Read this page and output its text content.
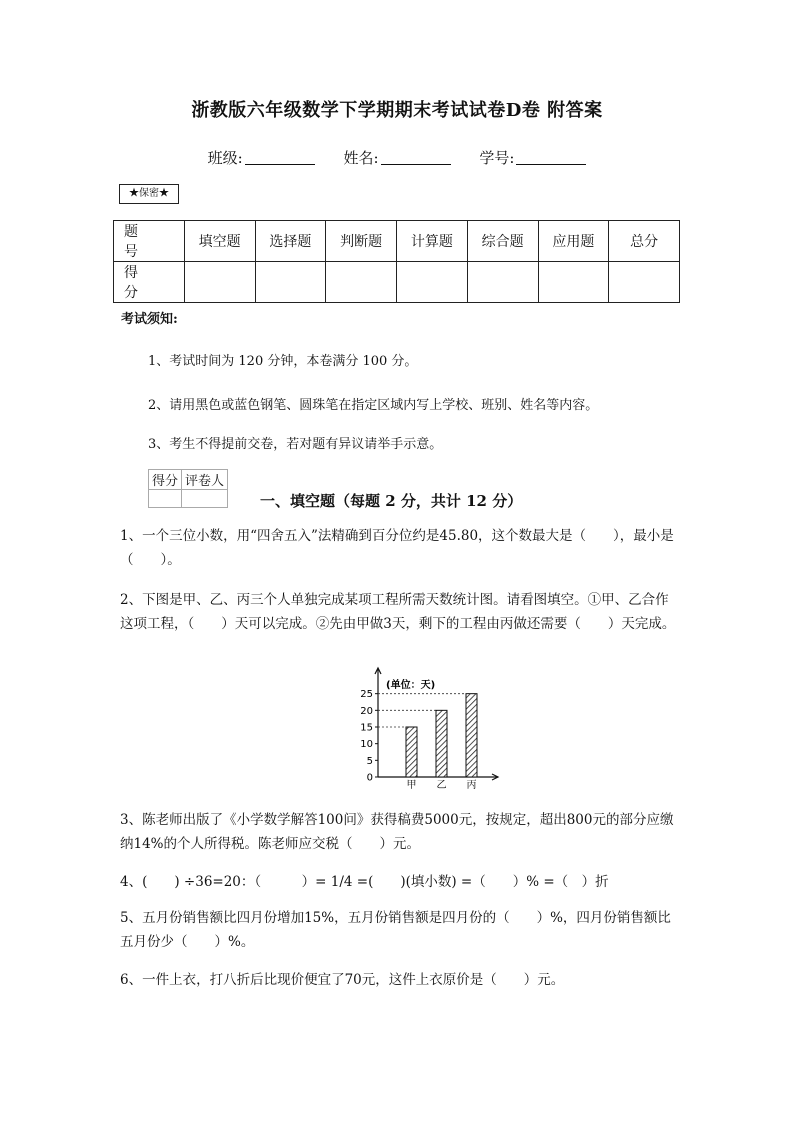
浙教版六年级数学下学期期末考试试卷D卷 附答案
班级:	姓名:	学号:
★保密★
题　号	填空题	选择题	判断题	计算题	综合题	应用题	总分
得　分							
考试须知:
1、考试时间为 120 分钟，本卷满分 100 分。
2、请用黑色或蓝色钢笔、圆珠笔在指定区域内写上学校、班别、姓名等内容。
3、考生不得提前交卷，若对题有异议请举手示意。
得分	评卷人

一、填空题（每题 2 分，共计 12 分）
1、一个三位小数，用“四舍五入”法精确到百分位约是45.80，这个数最大是（　　），最小是（　　）。
2、下图是甲、乙、丙三个人单独完成某项工程所需天数统计图。请看图填空。①甲、乙合作这项工程，（　　）天可以完成。②先由甲做3天，剩下的工程由丙做还需要（　　）天完成。
(单位：天)
0
5
10
15
20
25
甲 乙 丙
3、陈老师出版了《小学数学解答100问》获得稿费5000元，按规定，超出800元的部分应缴纳14%的个人所得税。陈老师应交税（　　）元。
4、(　　) ÷36=20：（　　　）= 1/4 =(　　)(填小数) =（　　）% =（　）折
5、五月份销售额比四月份增加15%，五月份销售额是四月份的（　　）%，四月份销售额比五月份少（　　）%。
6、一件上衣，打八折后比现价便宜了70元，这件上衣原价是（　　）元。
